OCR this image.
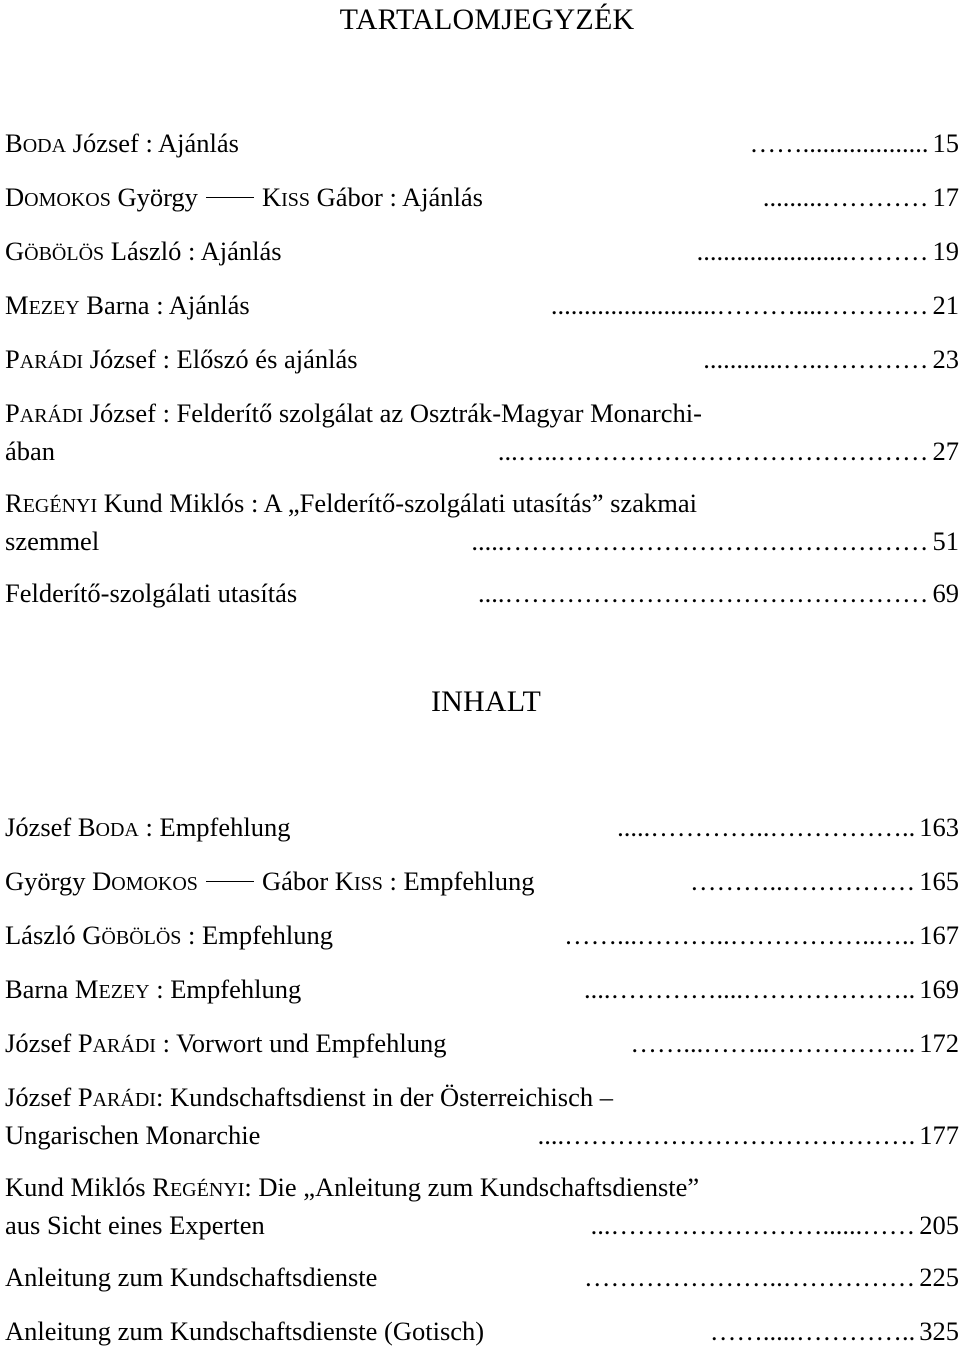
TARTALOMJEGYZÉK
BODA József : Ajánlás	...................…… 15
DOMOKOS György KISS Gábor : Ajánlás	…………......... 17
GÖBÖLÖS László : Ajánlás	………....................... 19
MEZEY Barna : Ajánlás	…………....………......................... 21
PARÁDI József : Előszó és ajánlás	…………..…............ 23
PARÁDI József : Felderítő szolgálat az Osztrák-Magyar Monarchi-
ában	……………………………………..…... 27
REGÉNYI Kund Miklós : A „Felderítő-szolgálati utasítás” szakmai
szemmel	…………………………………………..... 51
Felderítő-szolgálati utasítás	………………………………………….... 69
INHALT
József BODA : Empfehlung	..……………..…………..... 163
György DOMOKOS Gábor KISS : Empfehlung	……………..……… 165
László GÖBÖLÖS : Empfehlung	..…..……………..………...…… 167
Barna MEZEY : Empfehlung	..………………....………….... 169
József PARÁDI : Vorwort und Empfehlung	..……………..……...…… 172
József PARÁDI: Kundschaftsdienst in der Österreichisch –
Ungarischen Monarchie	.………………………………….... 177
Kund Miklós REGÉNYI: Die „Anleitung zum Kundschaftsdienste”
aus Sicht eines Experten	……......……………………... 205
Anleitung zum Kundschaftsdienste	……………..………………… 225
Anleitung zum Kundschaftsdienste (Gotisch)	..………….....…… 325
